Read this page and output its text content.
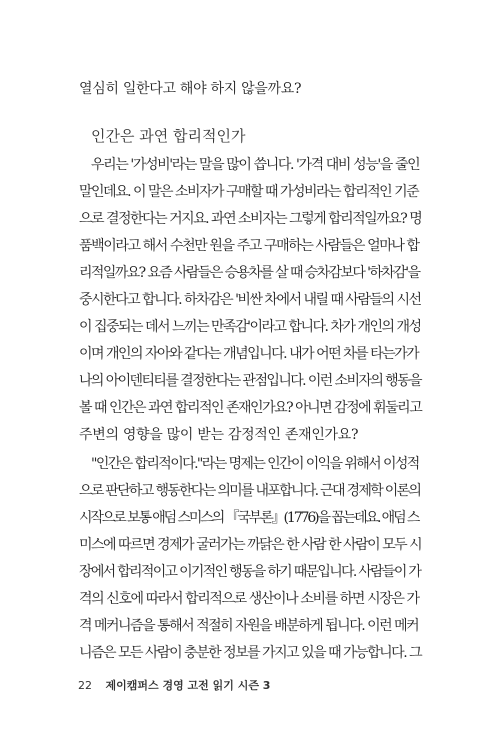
열심히 일한다고 해야 하지 않을까요?
인간은 과연 합리적인가
우리는 '가성비'라는 말을 많이 씁니다. '가격 대비 성능'을 줄인
말인데요. 이 말은 소비자가 구매할 때 가성비라는 합리적인 기준
으로 결정한다는 거지요. 과연 소비자는 그렇게 합리적일까요? 명
품백이라고 해서 수천만 원을 주고 구매하는 사람들은 얼마나 합
리적일까요? 요즘 사람들은 승용차를 살 때 승차감보다 '하차감'을
중시한다고 합니다. 하차감은 '비싼 차에서 내릴 때 사람들의 시선
이 집중되는 데서 느끼는 만족감'이라고 합니다. 차가 개인의 개성
이며 개인의 자아와 같다는 개념입니다. 내가 어떤 차를 타는가가
나의 아이덴티티를 결정한다는 관점입니다. 이런 소비자의 행동을
볼 때 인간은 과연 합리적인 존재인가요? 아니면 감정에 휘둘리고
주변의 영향을 많이 받는 감정적인 존재인가요?
"인간은 합리적이다."라는 명제는 인간이 이익을 위해서 이성적
으로 판단하고 행동한다는 의미를 내포합니다. 근대 경제학 이론의
시작으로 보통 애덤 스미스의 『국부론』(1776)을 꼽는데요. 애덤 스
미스에 따르면 경제가 굴러가는 까닭은 한 사람 한 사람이 모두 시
장에서 합리적이고 이기적인 행동을 하기 때문입니다. 사람들이 가
격의 신호에 따라서 합리적으로 생산이나 소비를 하면 시장은 가
격 메커니즘을 통해서 적절히 자원을 배분하게 됩니다. 이런 메커
니즘은 모든 사람이 충분한 정보를 가지고 있을 때 가능합니다. 그
22 제이캠퍼스 경영 고전 읽기 시즌 3
